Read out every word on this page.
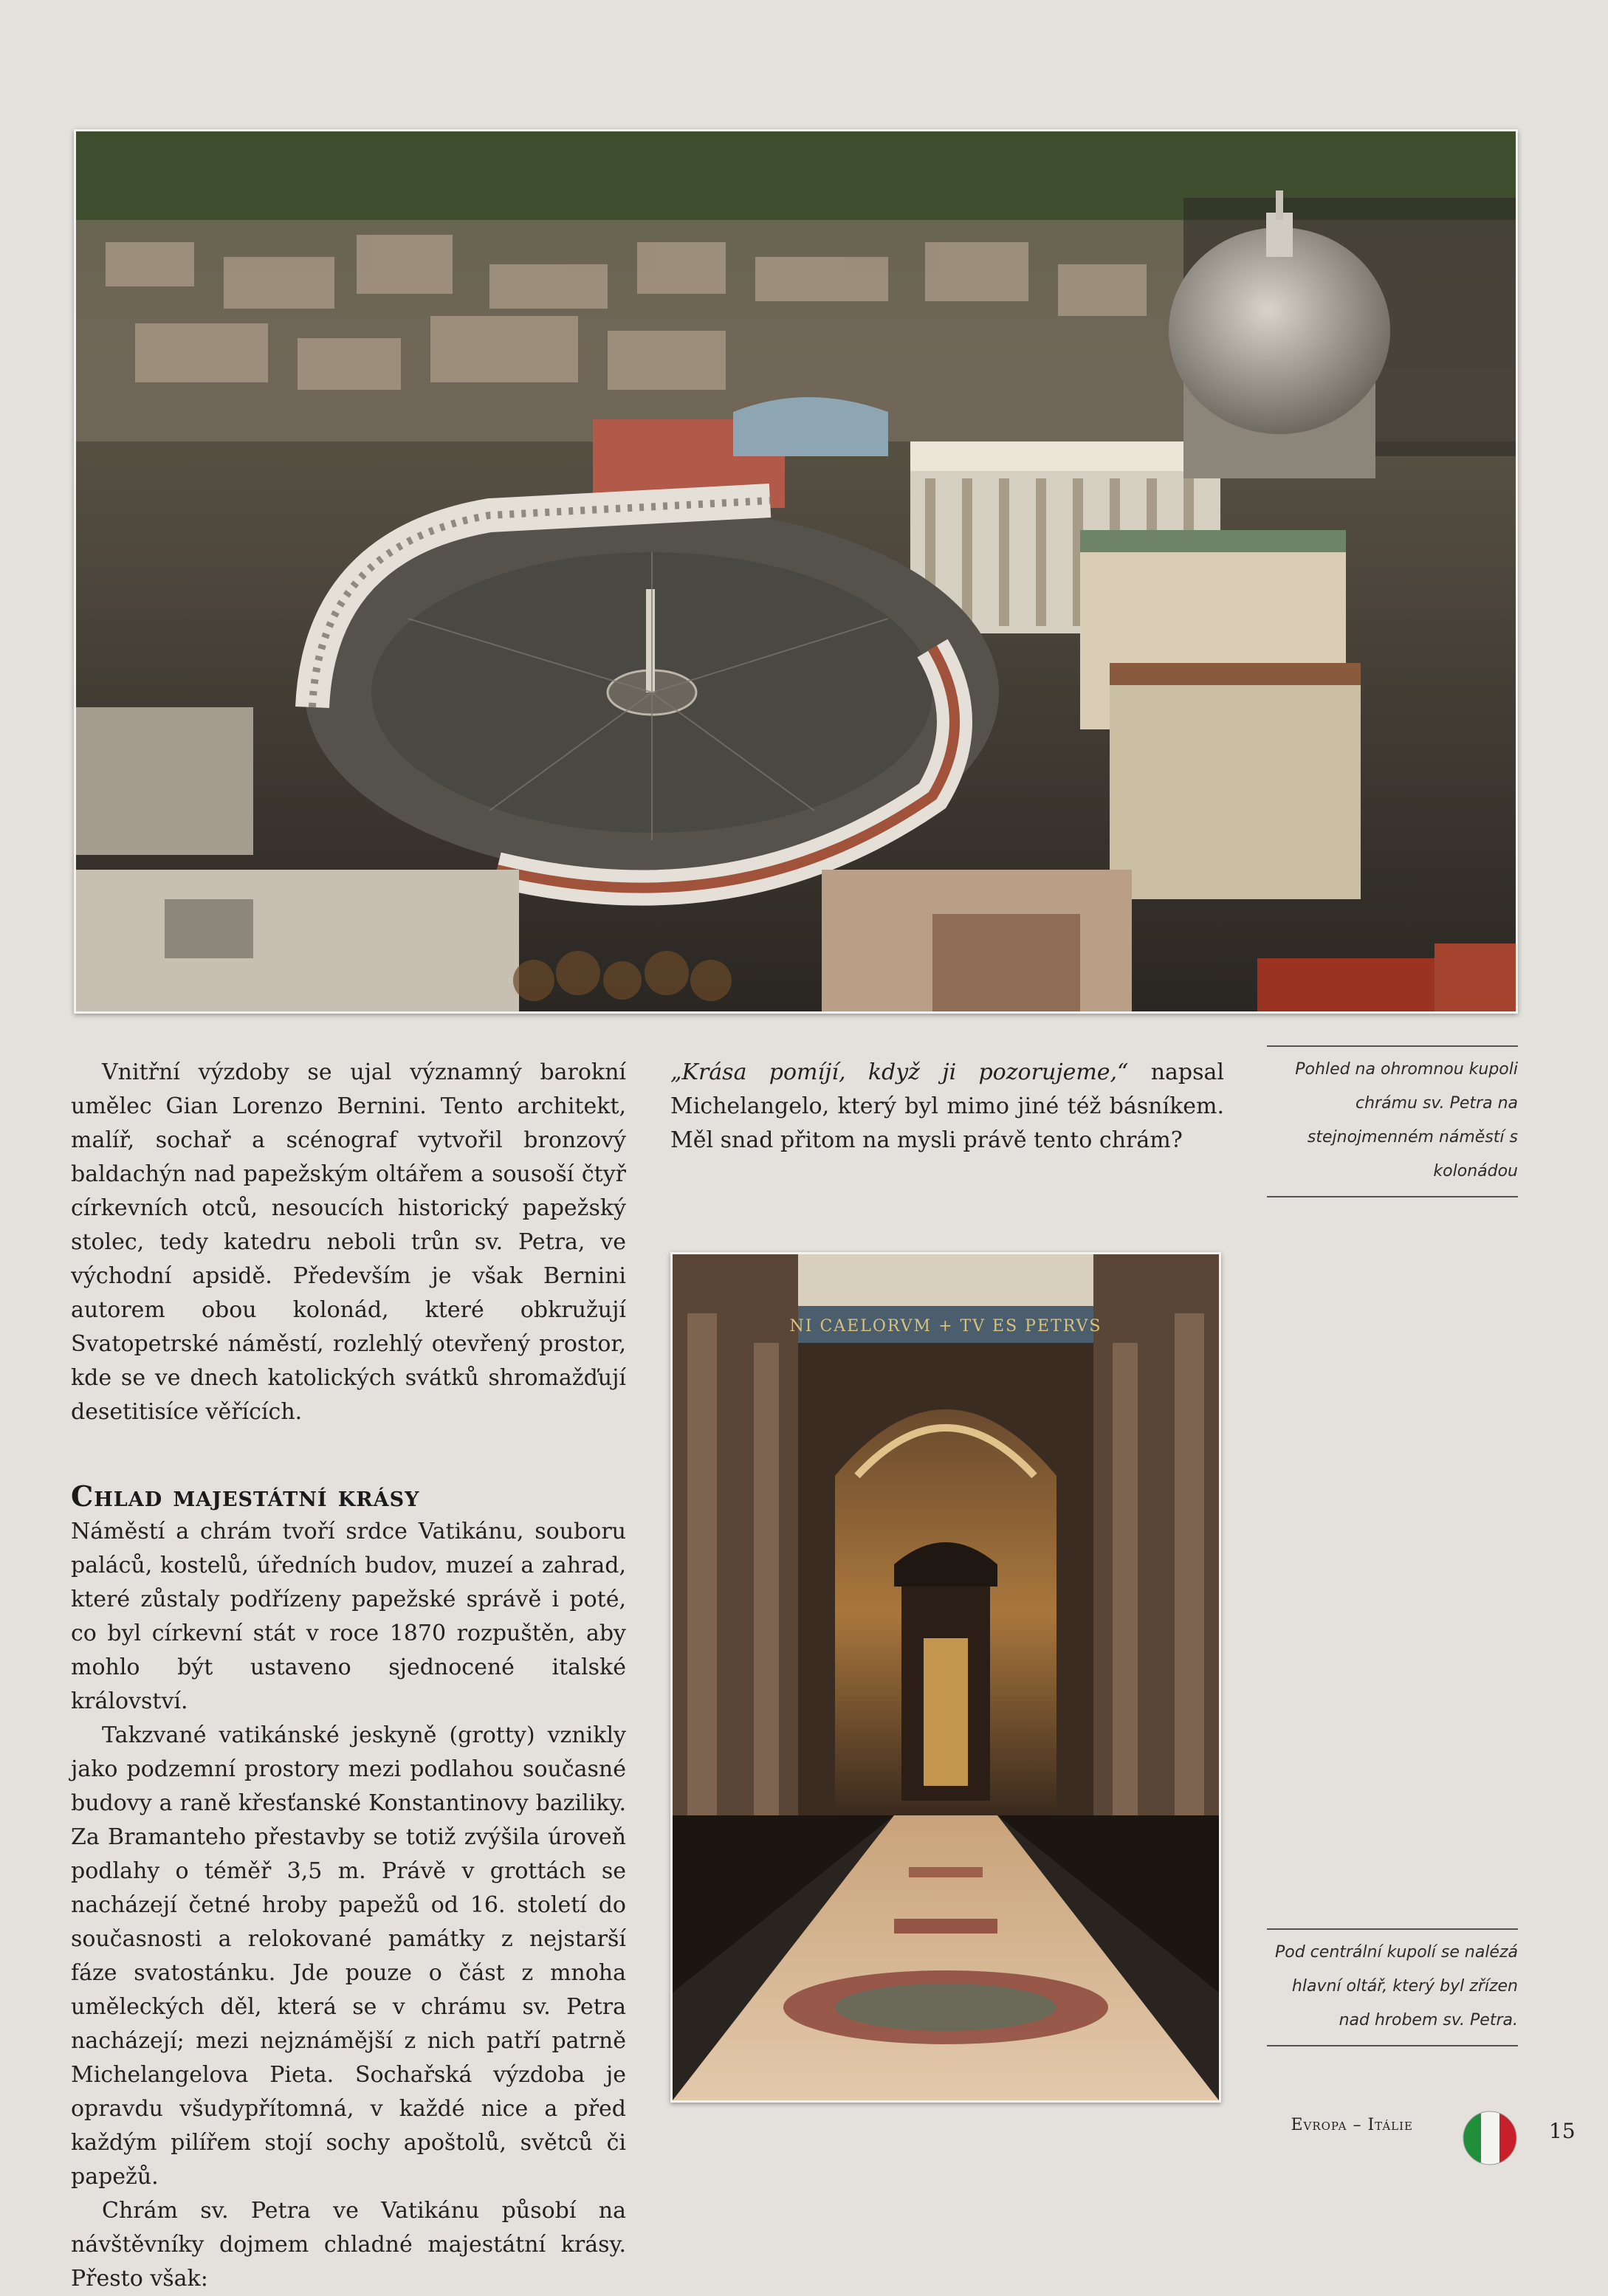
Vnitřní výzdoby se ujal významný barokní umělec Gian Lorenzo Bernini. Tento architekt, malíř, sochař a scénograf vytvořil bronzový baldachýn nad papežským oltářem a sousoší čtyř církevních otců, nesoucích historický papežský stolec, tedy katedru neboli trůn sv. Petra, ve východní apsidě. Především je však Bernini autorem obou kolonád, které obkružují Svatopetrské náměstí, rozlehlý otevřený prostor, kde se ve dnech katolických svátků shromažďují desetitisíce věřících.

Chlad majestátní krásy

Náměstí a chrám tvoří srdce Vatikánu, souboru paláců, kostelů, úředních budov, muzeí a zahrad, které zůstaly podřízeny papežské správě i poté, co byl církevní stát v roce 1870 rozpuštěn, aby mohlo být ustaveno sjednocené italské království.

Takzvané vatikánské jeskyně (grotty) vznikly jako podzemní prostory mezi podlahou současné budovy a raně křesťanské Konstantinovy baziliky. Za Bramanteho přestavby se totiž zvýšila úroveň podlahy o téměř 3,5 m. Právě v grottách se nacházejí četné hroby papežů od 16. století do současnosti a relokované památky z nejstarší fáze svatostánku. Jde pouze o část z mnoha uměleckých děl, která se v chrámu sv. Petra nacházejí; mezi nejznámější z nich patří patrně Michelangelova Pieta. Sochařská výzdoba je opravdu všudypřítomná, v každé nice a před každým pilířem stojí sochy apoštolů, světců či papežů.

Chrám sv. Petra ve Vatikánu působí na návštěvníky dojmem chladné majestátní krásy. Přesto však:

„Krása pomíjí, když ji pozorujeme,“ napsal Michelangelo, který byl mimo jiné též básníkem. Měl snad přitom na mysli právě tento chrám?

NI CAELORVM + TV ES PETRVS
Pohled na ohromnou kupoli chrámu sv. Petra na stejnojmenném náměstí s kolonádou
Pod centrální kupolí se nalézá hlavní oltář, který byl zřízen nad hrobem sv. Petra.
Evropa – Itálie	15
